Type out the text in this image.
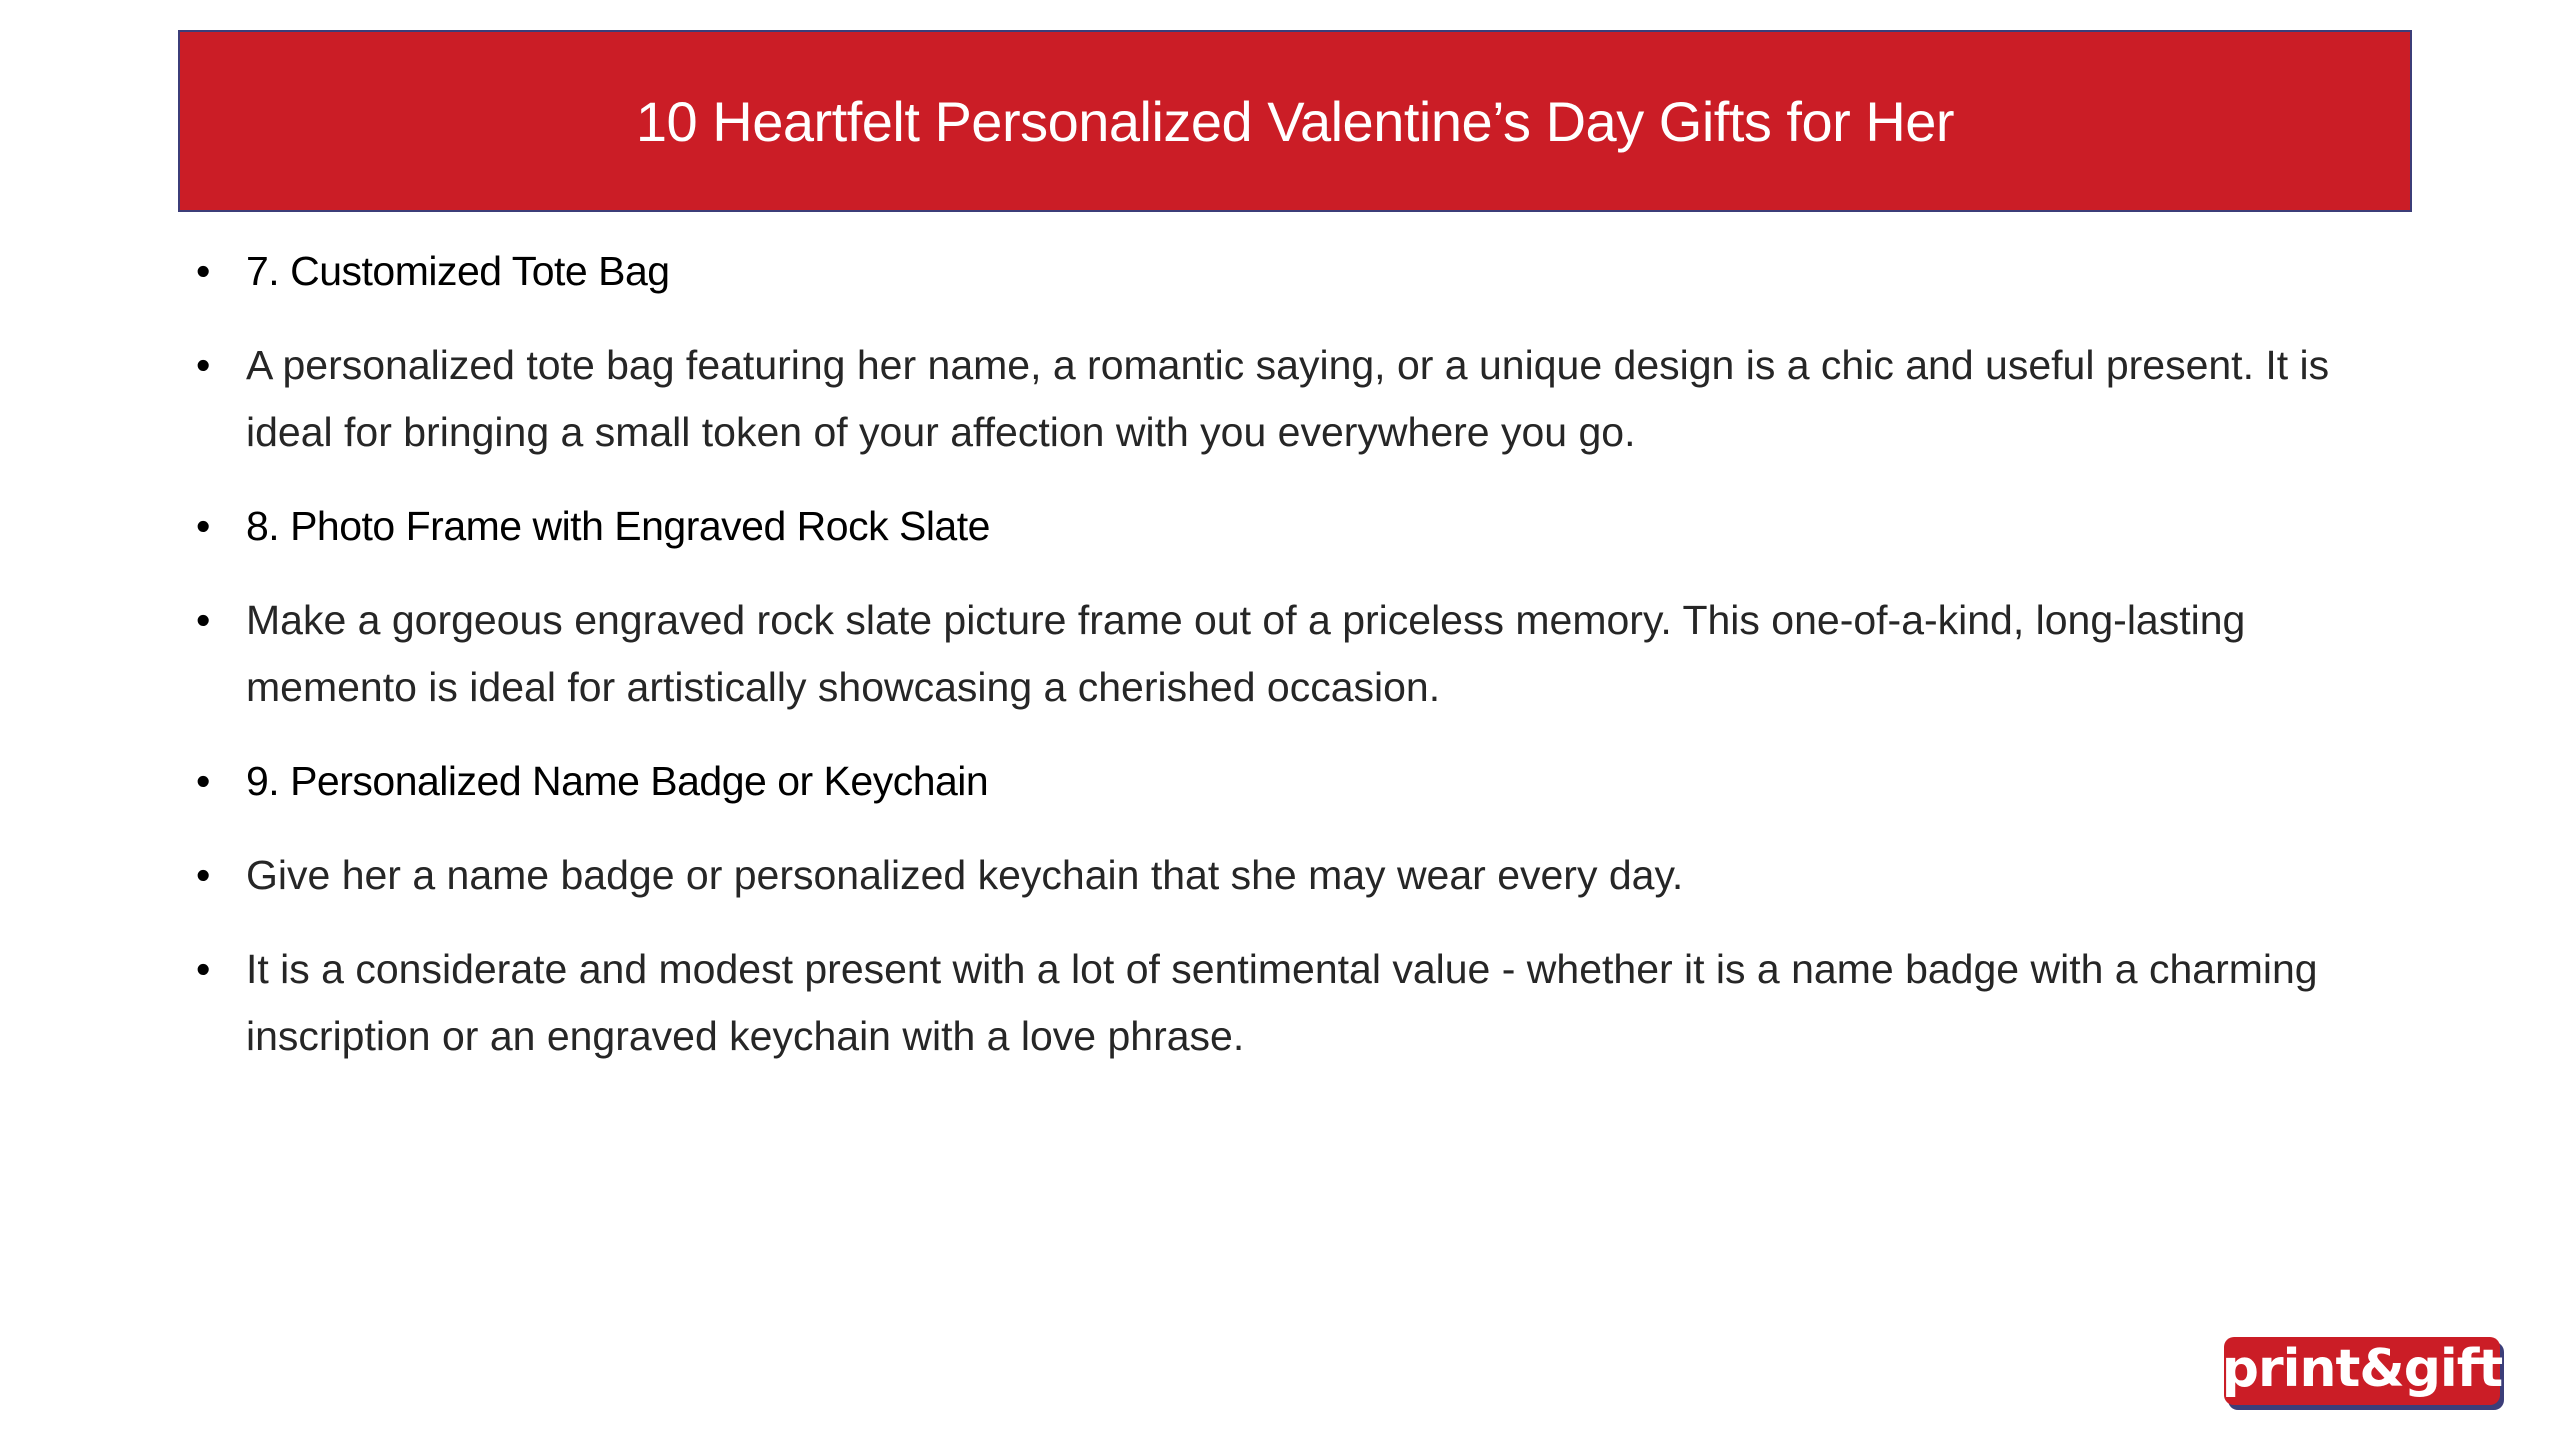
10 Heartfelt Personalized Valentine’s Day Gifts for Her
• 7. Customized Tote Bag
• A personalized tote bag featuring her name, a romantic saying, or a unique design is a chic and useful present. It is ideal for bringing a small token of your affection with you everywhere you go.
• 8. Photo Frame with Engraved Rock Slate
• Make a gorgeous engraved rock slate picture frame out of a priceless memory. This one-of-a-kind, long-lasting memento is ideal for artistically showcasing a cherished occasion.
• 9. Personalized Name Badge or Keychain
• Give her a name badge or personalized keychain that she may wear every day.
• It is a considerate and modest present with a lot of sentimental value - whether it is a name badge with a charming inscription or an engraved keychain with a love phrase.
print&gift
